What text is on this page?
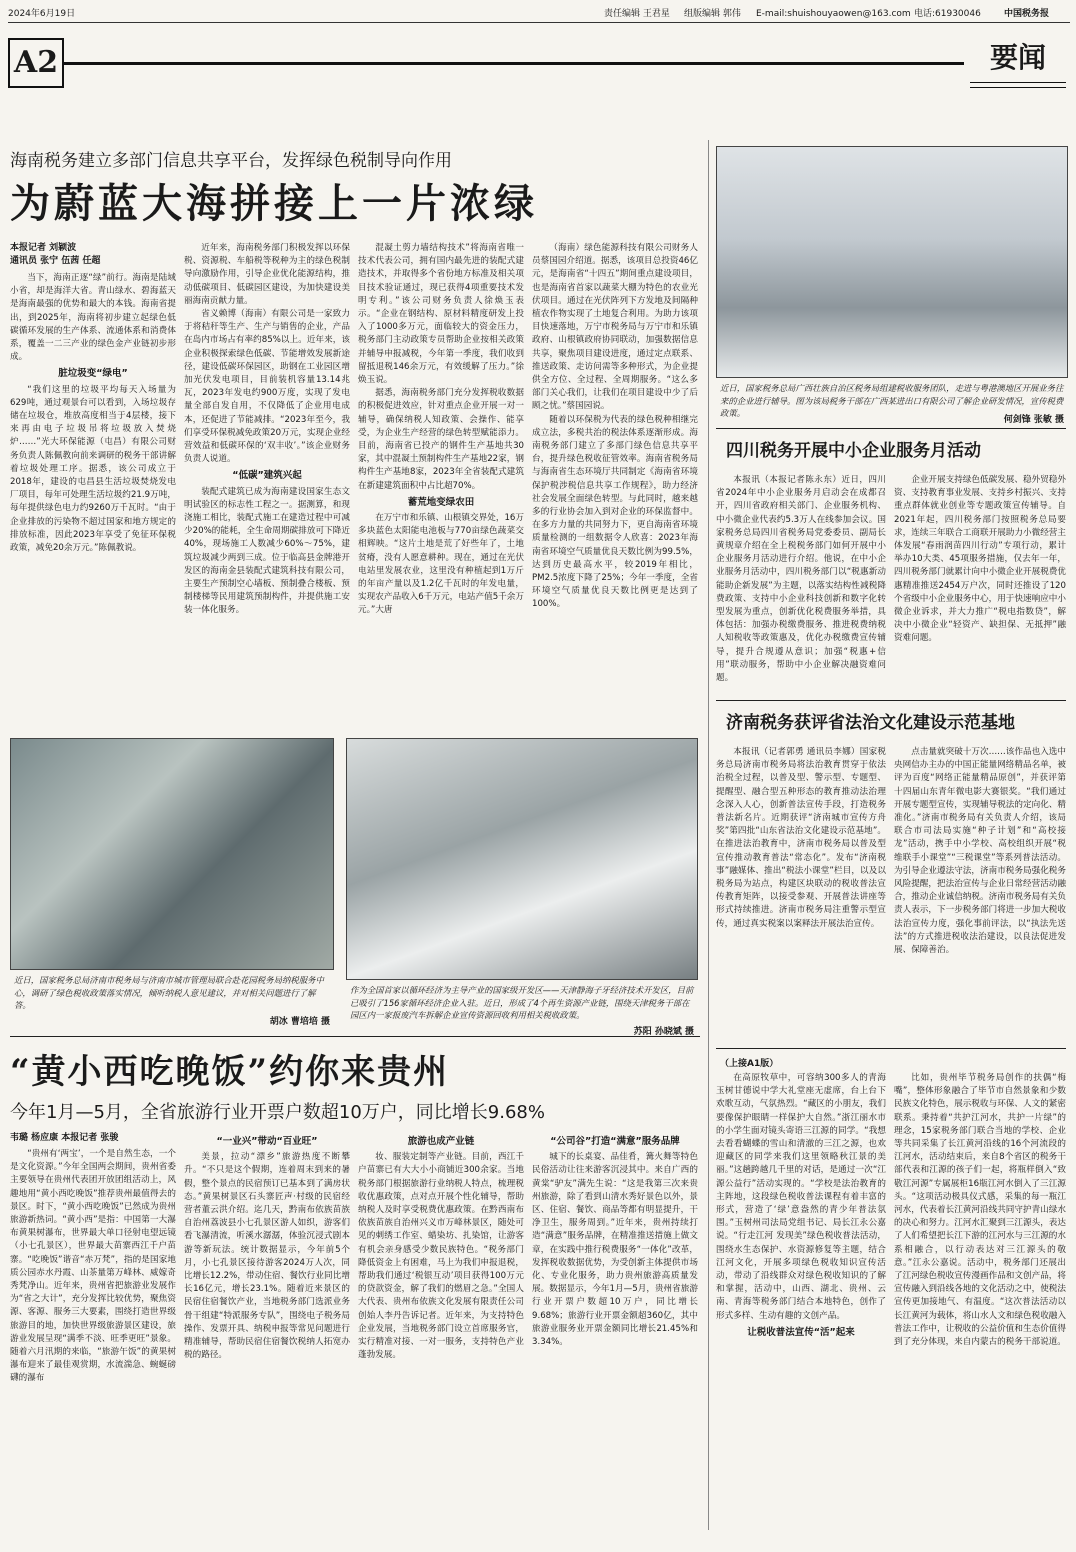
2024年6月19日	责任编辑 王君星 组版编辑 郭伟 E-mail:shuishouyaowen@163.com 电话:61930046	中国税务报
A2	要闻
海南税务建立多部门信息共享平台，发挥绿色税制导向作用
为蔚蓝大海拼接上一片浓绿
本报记者 刘颖波
通讯员 张宁 伍茜 任超

当下，海南正逐“绿”前行。海南是陆域小省，却是海洋大省。青山绿水、碧海蓝天是海南最强的优势和最大的本钱。海南省提出，到2025年，海南将初步建立起绿色低碳循环发展的生产体系、流通体系和消费体系，覆盖一二三产业的绿色金产业链初步形成。

脏垃圾变“绿电”

“我们这里的垃圾平均每天入场量为629吨，通过观景台可以看到，入场垃圾存储在垃圾仓，堆放高度相当于4层楼，接下来再由电子垃圾吊将垃圾放入焚烧炉……”光大环保能源（屯昌）有限公司财务负责人陈佩教向前来调研的税务干部讲解着垃圾处理工序。据悉，该公司成立于2018年，建设的屯昌县生活垃圾焚烧发电厂项目，每年可处理生活垃圾约21.9万吨，每年提供绿色电力约9260万千瓦时。“由于企业排放的污染物不超过国家和地方规定的排放标准，因此2023年享受了免征环保税政策，减免20余万元。”陈佩教说。

近年来，海南税务部门积极发挥以环保税、资源税、车船税等税种为主的绿色税制导向激励作用，引导企业优化能源结构，推动低碳项目、低碳园区建设，为加快建设美丽海南贡献力量。

省义赖博（海南）有限公司是一家致力于将秸秆等生产、生产与销售的企业，产品在岛内市场占有率约85%以上。近年来，该企业积极探索绿色低碳、节能增效发展新途径，建设低碳环保园区，助钢在工业园区增加光伏发电项目，目前装机容量13.14兆瓦，2023年发电约900万度，实现了发电量全部自发自用，不仅降低了企业用电成本，还促进了节能减排。“2023年至今，我们享受环保税减免政策20万元，实现企业经营效益和低碳环保的‘双丰收’。”该企业财务负责人说道。

“低碳”建筑兴起

装配式建筑已成为海南建设国家生态文明试验区的标志性工程之一。据测算，和现浇施工相比，装配式施工在建造过程中可减少20%的能耗，全生命周期碳排放可下降近40%，现场施工人数减少60%～75%，建筑垃圾减少两到三成。位于临高县金牌港开发区的海南金县装配式建筑科技有限公司，主要生产预制空心墙板、预制叠合楼板、预制楼梯等民用建筑预制构件，并提供施工安装一体化服务。

混凝土剪力墙结构技术”将海南省唯一技术代表公司，拥有国内最先进的装配式建造技术，并取得多个省份地方标准及相关项目技术验证通过，现已获得4项重要技术发明专利。”该公司财务负责人徐焕玉表示。“企业在钢结构、原材料精度研发上投入了1000多万元，面临较大的资金压力，税务部门主动政策专员帮助企业按相关政策并辅导申报减税，今年第一季度，我们收到留抵退税146余万元，有效缓解了压力。”徐焕玉说。

据悉，海南税务部门充分发挥税收数据的积极促进效应，针对重点企业开展一对一辅导，确保纳税人知政策、会操作、能享受，为企业生产经营的绿色转型赋能添力。目前，海南省已投产的钢件生产基地共30家，其中混凝土预制构件生产基地22家，钢构件生产基地8家，2023年全省装配式建筑在新建建筑面积中占比超70%。

蓄荒地变绿农田

在万宁市和乐镇、山根镇交界处，16万多块蓝色太阳能电池板与770亩绿色蔬菜交相辉映。“这片土地是荒了好些年了，土地贫瘠，没有人愿意耕种。现在，通过在光伏电站里发展农业，这里没有种植起到1万斤的年亩产量以及1.2亿千瓦时的年发电量，实现农产品收入6千万元，电站产值5千余万元。”大唐

（海南）绿色能源科技有限公司财务人员蔡国园介绍道。据悉，该项目总投资46亿元，是海南省“十四五”期间重点建设项目，也是海南省首家以蔬菜大棚为特色的农业光伏项目。通过在光伏阵列下方发地及间隔种植农作物实现了土地复合利用。为助力该项目快速落地，万宁市税务局与万宁市和乐镇政府、山根镇政府协同联动，加强数据信息共享，聚焦项目建设进度，通过定点联系、推送政策、走访问需等多种形式，为企业提供全方位、全过程、全周期服务。“这么多部门关心我们，让我们在项目建设中少了后顾之忧。”蔡国园说。

随着以环保税为代表的绿色税种相继完成立法，多税共治的税法体系逐渐形成。海南税务部门建立了多部门绿色信息共享平台，提升绿色税收征管效率。海南省税务局与海南省生态环境厅共同制定《海南省环境保护税涉税信息共享工作规程》，助力经济社会发展全面绿色转型。与此同时，越来越多的行业协会加入到对企业的环保监督中。在多方力量的共同努力下，更自海南省环境质量检测的一组数据令人欣喜：2023年海南省环境空气质量优良天数比例为99.5%，达到历史最高水平，较2019年相比，PM2.5浓度下降了25%；今年一季度，全省环境空气质量优良天数比例更是达到了100%。

近日，国家税务总局济南市税务局与济南市城市管理局联合赴花园税务局纳税服务中心，调研了绿色税收政策落实情况，倾听纳税人意见建议，并对相关问题进行了解答。
胡冰 曹培培 摄
作为全国首家以循环经济为主导产业的国家级开发区——天津静海子牙经济技术开发区，目前已吸引了156家循环经济企业入驻。近日，形成了4个再生资源产业链，围绕天津税务干部在园区内一家报废汽车拆解企业宣传资源回收利用相关税收政策。
苏阳 孙晓斌 摄
近日，国家税务总局广西壮族自治区税务局组建税收服务团队，走进与粤港澳地区开展业务往来的企业进行辅导。图为该局税务干部在广西某进出口有限公司了解企业研发情况，宣传税费政策。
何剑锋 张敏 摄
四川税务开展中小企业服务月活动

本报讯（本报记者陈永东）近日，四川省2024年中小企业服务月启动会在成都召开，四川省政府相关部门、企业服务机构、中小微企业代表约5.3万人在线参加会议。国家税务总局四川省税务局党委委员、副局长黄规章介绍在全上税税务部门如何开展中小企业服务月活动进行介绍。他说，在中小企业服务月活动中，四川税务部门以“税惠新动能助企新发展”为主题，以落实结构性减税降费政策、支持中小企业科技创新和数字化转型发展为重点，创新优化税费服务举措，具体包括：加强办税缴费服务、推进税费纳税人知税收等政策惠及，优化办税缴费宣传辅导，提升合规遵从意识；加强“税惠+信用”联动服务，帮助中小企业解决融资难问题。

企业开展支持绿色低碳发展、稳外贸稳外资、支持教育事业发展、支持乡村振兴、支持重点群体就业创业等专题政策宣传辅导。自2021年起，四川税务部门按照税务总局要求，连续三年联合工商联开展助力小微经营主体发展“春雨润苗四川行动”专项行动，累计举办10大类、45项服务措施，仅去年一年，四川税务部门就累计向中小微企业开展税费优惠精准推送2454万户次，同时还推设了120个省级中小企业服务中心，用于快速响应中小微企业诉求，并大力推广“税电指数贷”，解决中小微企业“轻资产、缺担保、无抵押”融资难问题。

济南税务获评省法治文化建设示范基地

本报讯（记者郭勇 通讯员李娜）国家税务总局济南市税务局将法治教育贯穿于依法治税全过程，以普及型、警示型、专题型、提醒型、融合型五种形态的教育推动法治理念深入人心，创新普法宣传手段，打造税务普法新名片。近期获评“济南城市宣传方舟奖”第四批“山东省法治文化建设示范基地”。在推进法治教育中，济南市税务局以普及型宣传推动教育普法“常态化”。发布“济南税事”融媒体、推出“税法小课堂”栏目，以及以税务局为站点，构建区块联动的税收普法宣传教育矩阵，以接受参观、开展普法讲座等形式持续推进。济南市税务局注重警示型宣传，通过真实税案以案释法开展法治宣传。

点击量就突破十万次……该作品也入选中央网信办主办的中国正能量网络精品名单，被评为百度“网络正能量精品原创”，并获评第十四届山东青年微电影大赛银奖。“我们通过开展专题型宣传，实现辅导税法的定向化、精准化。”济南市税务局有关负责人介绍，该局联合市司法局实施“种子计划”和“高校接龙”活动，携手中小学校、高校组织开展“税维联手小课堂”“三税课堂”等系列普法活动。为引导企业遵法守法，济南市税务局强化税务风险提醒，把法治宣传与企业日常经营活动融合，推动企业诚信纳税。济南市税务局有关负责人表示，下一步税务部门将进一步加大税收法治宣传力度，强化事前评法，以“执法先送法”的方式推进税收法治建设，以良法促进发展、保障善治。

“黄小西吃晚饭”约你来贵州
今年1月—5月，全省旅游行业开票户数超10万户，同比增长9.68%
韦璐 杨应康 本报记者 张骏

“贵州有‘两宝’，一个是自然生态，一个是文化资源。”今年全国两会期间，贵州省委主要领导在贵州代表团开放团组活动上，风趣地用“黄小西吃晚饭”推荐贵州最值得去的景区。时下，“黄小西吃晚饭”已然成为贵州旅游新热词。“黄小西”是指：中国第一大瀑布黄果树瀑布，世界最大单口径射电望远镜（小七孔景区），世界最大苗寨西江千户苗寨。“吃晚饭”谐音“赤万梵”，指的是国家地质公园赤水丹霞、山茶量第万峰林、威嫁奇秀梵净山。近年来，贵州省把旅游业发展作为“省之大计”，充分发挥比较优势，聚焦资源、客源、服务三大要素，围绕打造世界级旅游目的地，加快世界级旅游景区建设，旅游业发展呈现“满季不淡、旺季更旺”景象。随着六月汛期的来临，“旅游午饭”的黄果树瀑布迎来了最佳观赏期，水流湍急、蜿蜒磅礴的瀑布

“一业兴”带动“百业旺”

美景，拉动“漂乡”旅游热度不断攀升。“不只是这个假期，连着周末到来的暑假，整个景点的民宿预订已基本到了满房状态。”黄果树景区石头寨匠声·村级的民宿经营者董云洪介绍。迄几天，黔南布依族苗族自治州荔波县小七孔景区游人如织，游客们看飞瀑清流，听溪水潺潺，体验沉浸式剧本游等新玩法。统计数据显示，今年前5个月，小七孔景区接待游客2024万人次，同比增长12.2%，带动住宿、餐饮行业同比增长16亿元，增长23.1%。随着近来景区的民宿住宿餐饮产业，当地税务部门选派业务骨干组建“特派服务专队”，围绕电子税务局操作、发票开具、纳税申报等常见问题进行精准辅导，帮助民宿住宿餐饮税纳人拓宽办税的路径。

旅游也成产业链

妆、服装定制等产业链。目前，西江千户苗寨已有大大小小商铺近300余家。当地税务部门根据旅游行业纳税人特点，梳理税收优惠政策，点对点开展个性化辅导，帮助纳税人及时享受税费优惠政策。在黔西南布依族苗族自治州兴义市万峰林景区，随处可见的刺绣工作室、蜡染坊、扎染馆，让游客有机会亲身感受少数民族特色。“税务部门降低资金上有困难，马上为我们申报退税，帮助我们通过‘税银互动’项目获得100万元的贷款资金，解了我们的燃眉之急。”全国人大代表、贵州布依族文化发展有限责任公司创始人李丹告诉记者。近年来，为支持特色企业发展，当地税务部门设立首席服务官，实行精准对接、一对一服务，支持特色产业蓬勃发展。

“公司谷”打造“满意”服务品牌

城下的长桌宴、品佳肴，篝火舞等特色民俗活动让往来游客沉浸其中。来自广西的黄棠“驴友”满先生说：“这是我第三次来贵州旅游，除了看到山清水秀好景色以外，景区、住宿、餐饮、商品等都有明显提升，干净卫生，服务周到。”近年来，贵州持续打造“满意”服务品牌，在精准推送措施上做文章，在实践中推行税费服务“一体化”改革，发挥税收数据优势，为受创新主体提供市场化、专业化服务，助力贵州旅游高质量发展。数据显示，今年1月—5月，贵州省旅游行业开票户数超10万户，同比增长9.68%；旅游行业开票金额超360亿，其中旅游业服务业开票金额同比增长21.45%和3.34%。

（上接A1版）

在高原牧草中，可容纳300多人的青海玉树甘德说中学大礼堂座无虚席，台上台下欢歌互动，气氛热烈。“藏区的小朋友，我们要像保护眼睛一样保护大自然。”浙江丽水市的小学生面对镜头寄语三江源的同学。“我想去看看蝴蝶的雪山和清澈的三江之源，也欢迎藏区的同学来我们这里领略秋江景的美丽。”这趟跨越几千里的对话，是通过一次“江源公益行”活动实现的。“学校是法治教育的主阵地，这段绿色税收普法课程有着丰富的形式，营造了‘绿’意盎然的青少年普法氛围。”玉树州司法局党组书记、局长江永公嘉说。“行走江河 发现美”绿色税收普法活动，围绕水生态保护、水资源修复等主题，结合江河文化，开展多项绿色税收知识宣传活动，带动了沿线群众对绿色税收知识的了解和掌握，活动中，山西、湖北、贵州、云南、青海等税务部门结合本地特色，创作了形式多样、生动有趣的文创产品。

让税收普法宣传“活”起来

比如，贵州毕节税务局创作的扶偶“梅嘴”，整体形象融合了毕节市自然景象和少数民族文化特色，展示税收与环保、人文的紧密联系。秉持着“共护江河水，共护一片绿”的理念，15家税务部门联合当地的学校、企业等共同采集了长江黄河沿线的16个河流段的江河水，活动结束后，来自8个省区的税务干部代表和江源的孩子们一起，将瓶样倒入“致敬江河源”专属展柜16瓶江河水倒入了三江源头。“这项活动极具仪式感，采集的每一瓶江河水，代表着长江黄河沿线共同守护青山绿水的决心和努力。江河水汇聚到三江源头，表达了人们希望把长江下游的江河水与三江源的水系相融合，以行动表达对三江源头的敬意。”江永公嘉说。活动中，税务部门还展出了江河绿色税收宣传漫画作品和文创产品，将宣传融入到沿线各地的文化活动之中，使税法宣传更加接地气、有温度。“这次普法活动以长江黄河为载体，将山水人文和绿色税收融入普法工作中，让税收的公益价值和生态价值得到了充分体现，来自内蒙古的税务干部说道。
